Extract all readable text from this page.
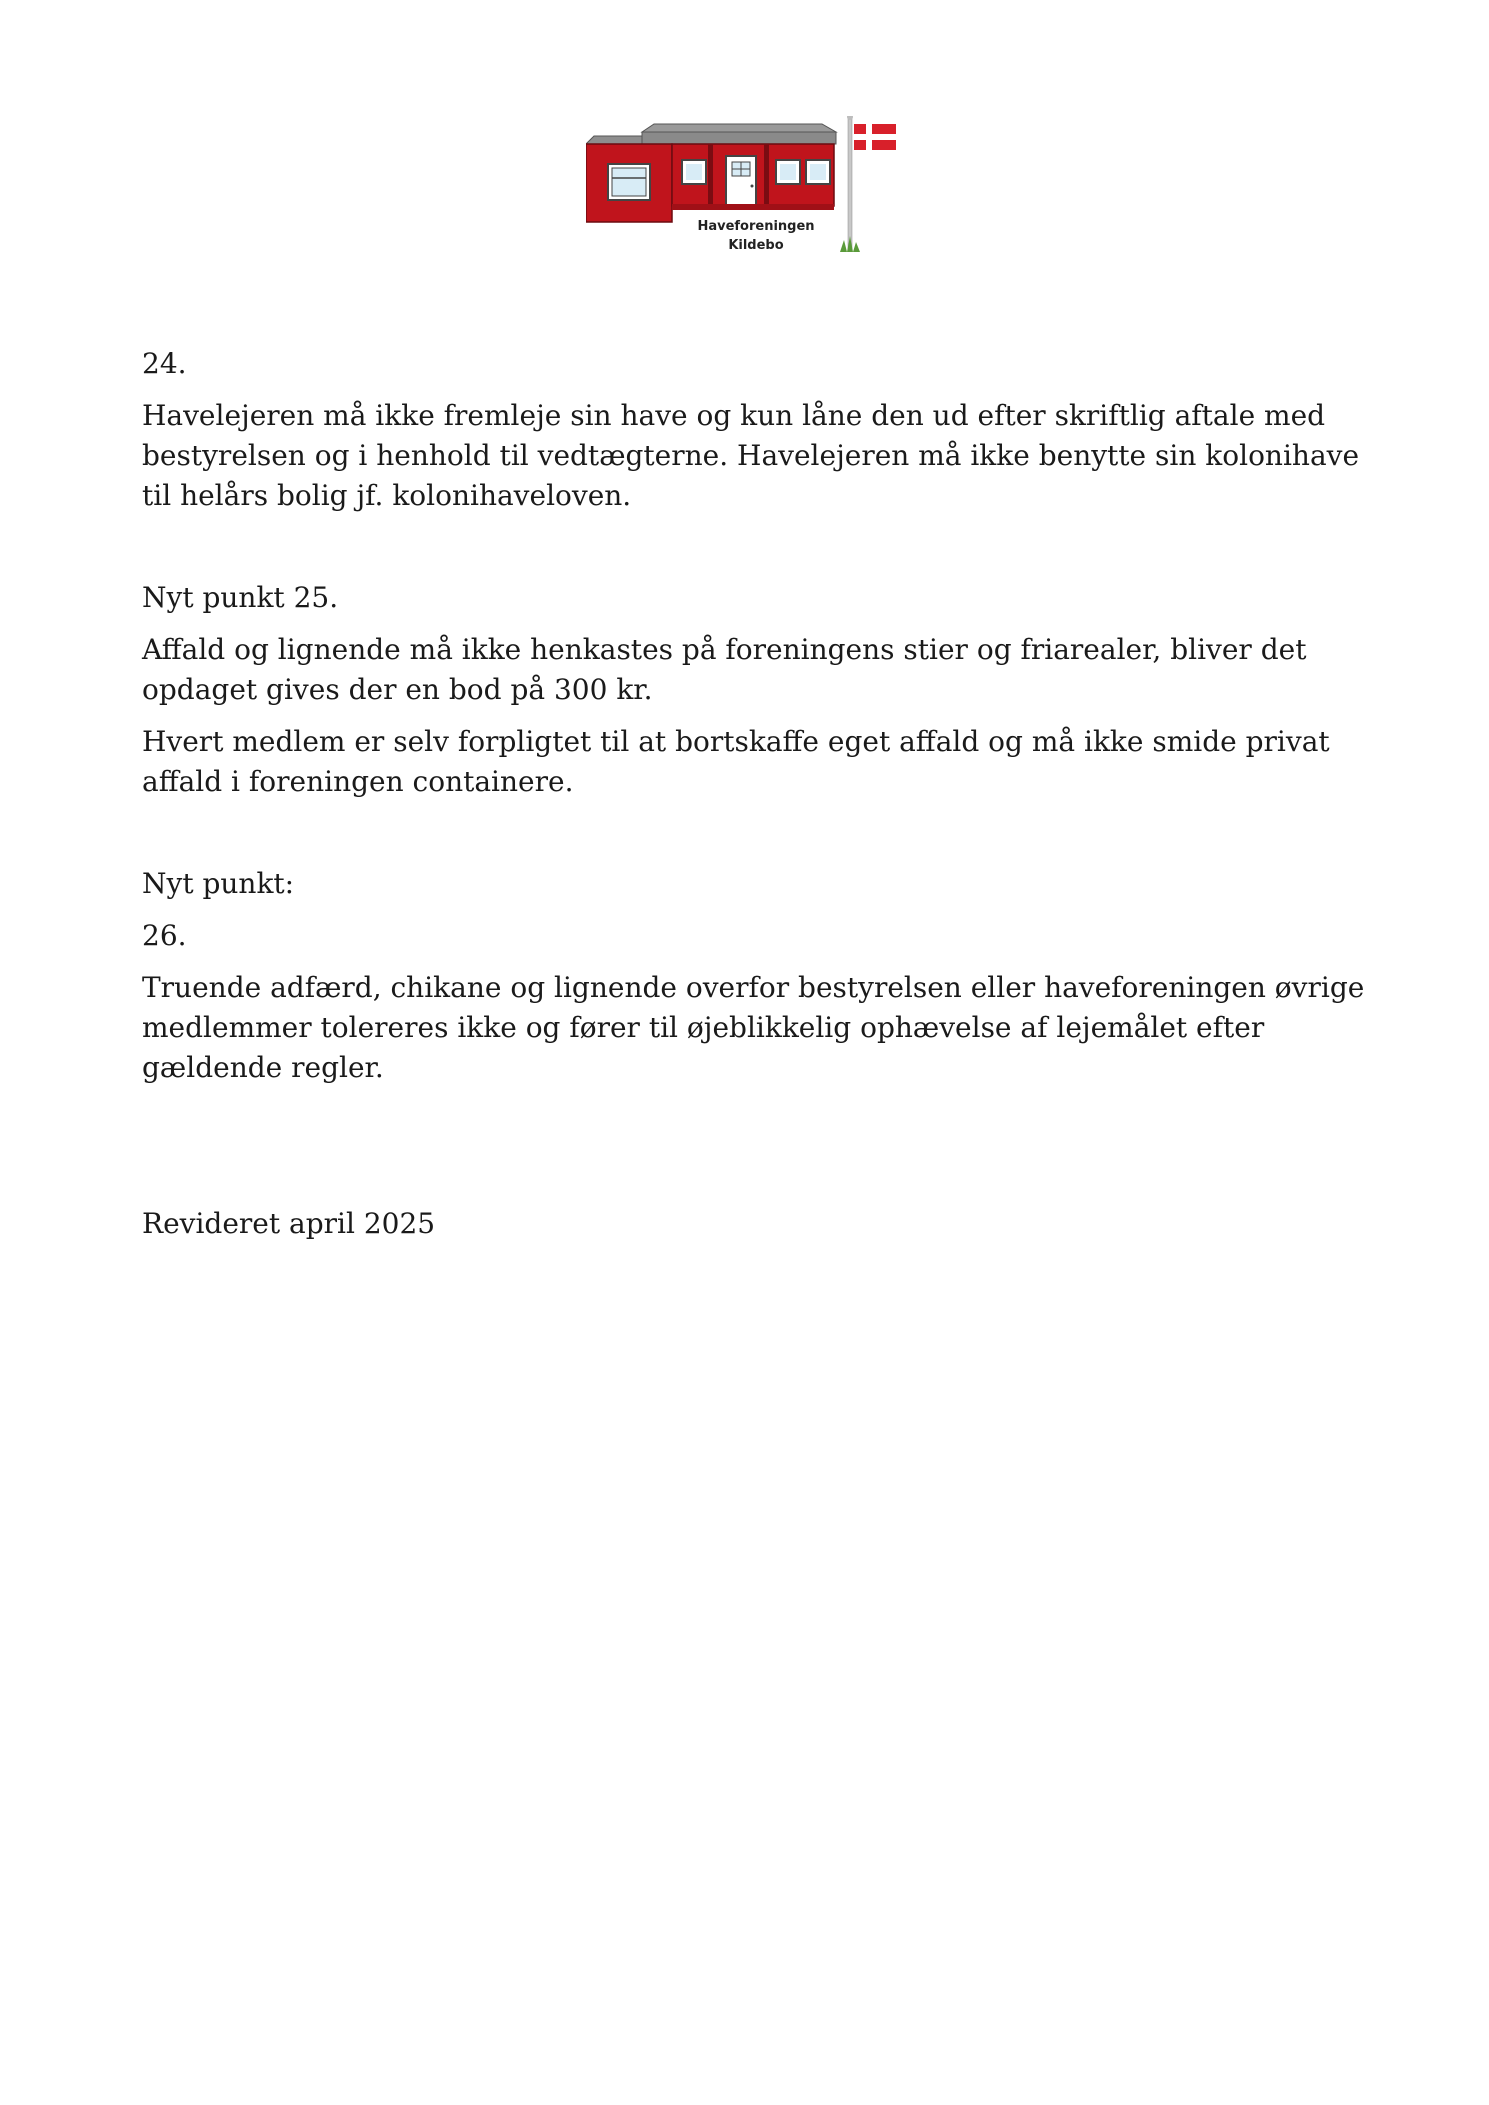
Haveforeningen
Kildebo

24.

Havelejeren må ikke fremleje sin have og kun låne den ud efter skriftlig aftale med bestyrelsen og i henhold til vedtægterne. Havelejeren må ikke benytte sin kolonihave til helårs bolig jf. kolonihaveloven.

Nyt punkt 25.

Affald og lignende må ikke henkastes på foreningens stier og friarealer, bliver det opdaget gives der en bod på 300 kr.

Hvert medlem er selv forpligtet til at bortskaffe eget affald og må ikke smide privat affald i foreningen containere.

Nyt punkt:

26.

Truende adfærd, chikane og lignende overfor bestyrelsen eller haveforeningen øvrige medlemmer tolereres ikke og fører til øjeblikkelig ophævelse af lejemålet efter gældende regler.

Revideret april 2025
